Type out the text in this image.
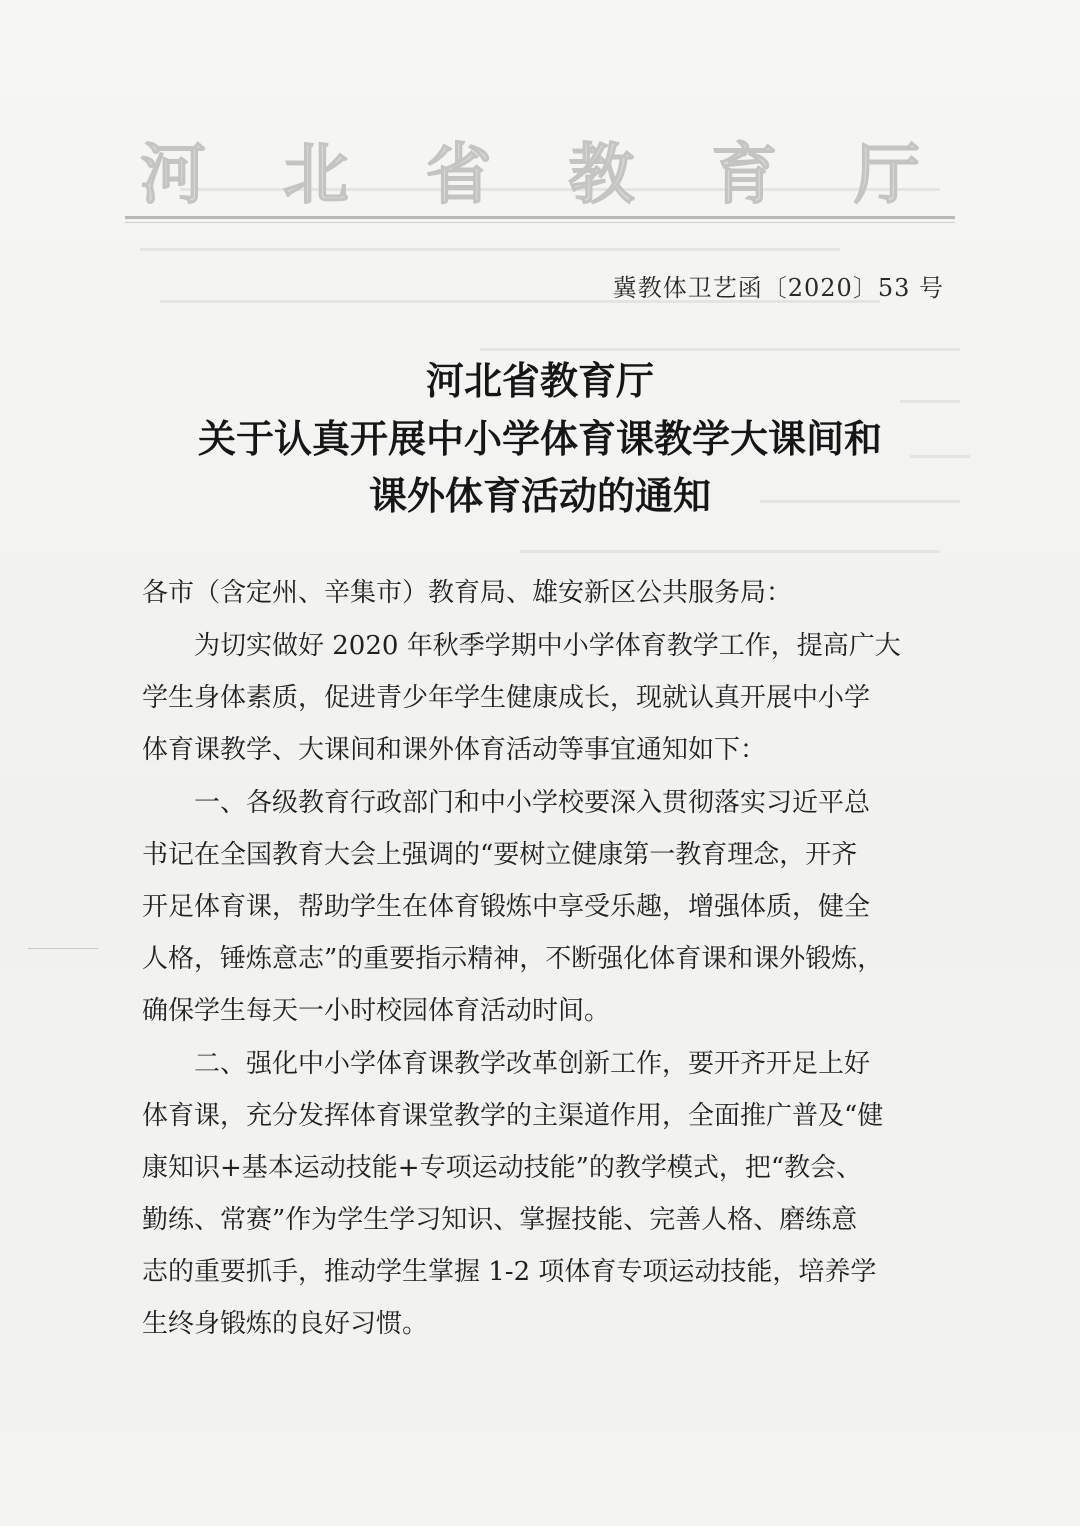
河 北 省 教 育 厅
冀教体卫艺函〔2020〕53 号
河北省教育厅
关于认真开展中小学体育课教学大课间和
课外体育活动的通知
各市（含定州、辛集市）教育局、雄安新区公共服务局：
　　为切实做好 2020 年秋季学期中小学体育教学工作，提高广大
学生身体素质，促进青少年学生健康成长，现就认真开展中小学
体育课教学、大课间和课外体育活动等事宜通知如下：
　　一、各级教育行政部门和中小学校要深入贯彻落实习近平总
书记在全国教育大会上强调的“要树立健康第一教育理念，开齐
开足体育课，帮助学生在体育锻炼中享受乐趣，增强体质，健全
人格，锤炼意志”的重要指示精神，不断强化体育课和课外锻炼，
确保学生每天一小时校园体育活动时间。
　　二、强化中小学体育课教学改革创新工作，要开齐开足上好
体育课，充分发挥体育课堂教学的主渠道作用，全面推广普及“健
康知识+基本运动技能+专项运动技能”的教学模式，把“教会、
勤练、常赛”作为学生学习知识、掌握技能、完善人格、磨练意
志的重要抓手，推动学生掌握 1-2 项体育专项运动技能，培养学
生终身锻炼的良好习惯。
